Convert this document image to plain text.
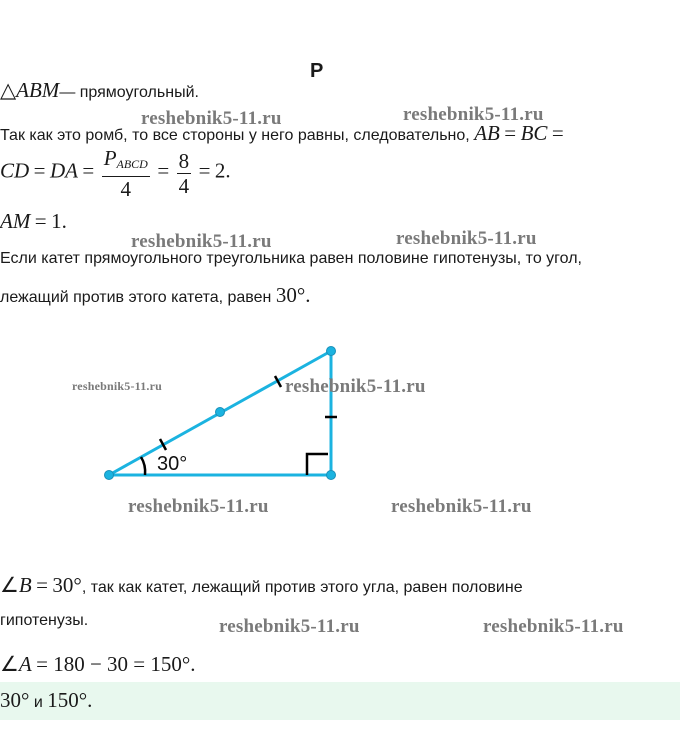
Р
△ABM— прямоугольный.
Так как это ромб, то все стороны у него равны, следовательно, AB = BC =
CD = DA = $\frac{P_{ABCD}}{4} = \frac{8}{4} = 2$.
AM = 1.
Если катет прямоугольного треугольника равен половине гипотенузы, то угол,
лежащий против этого катета, равен 30°.
30°
∠B = 30°, так как катет, лежащий против этого угла, равен половине
гипотенузы.
∠A = 180 − 30 = 150°.
30° и 150°.
reshebnik5-11.ru	reshebnik5-11.ru
reshebnik5-11.ru	reshebnik5-11.ru
reshebnik5-11.ru	reshebnik5-11.ru
reshebnik5-11.ru	reshebnik5-11.ru
reshebnik5-11.ru	reshebnik5-11.ru
